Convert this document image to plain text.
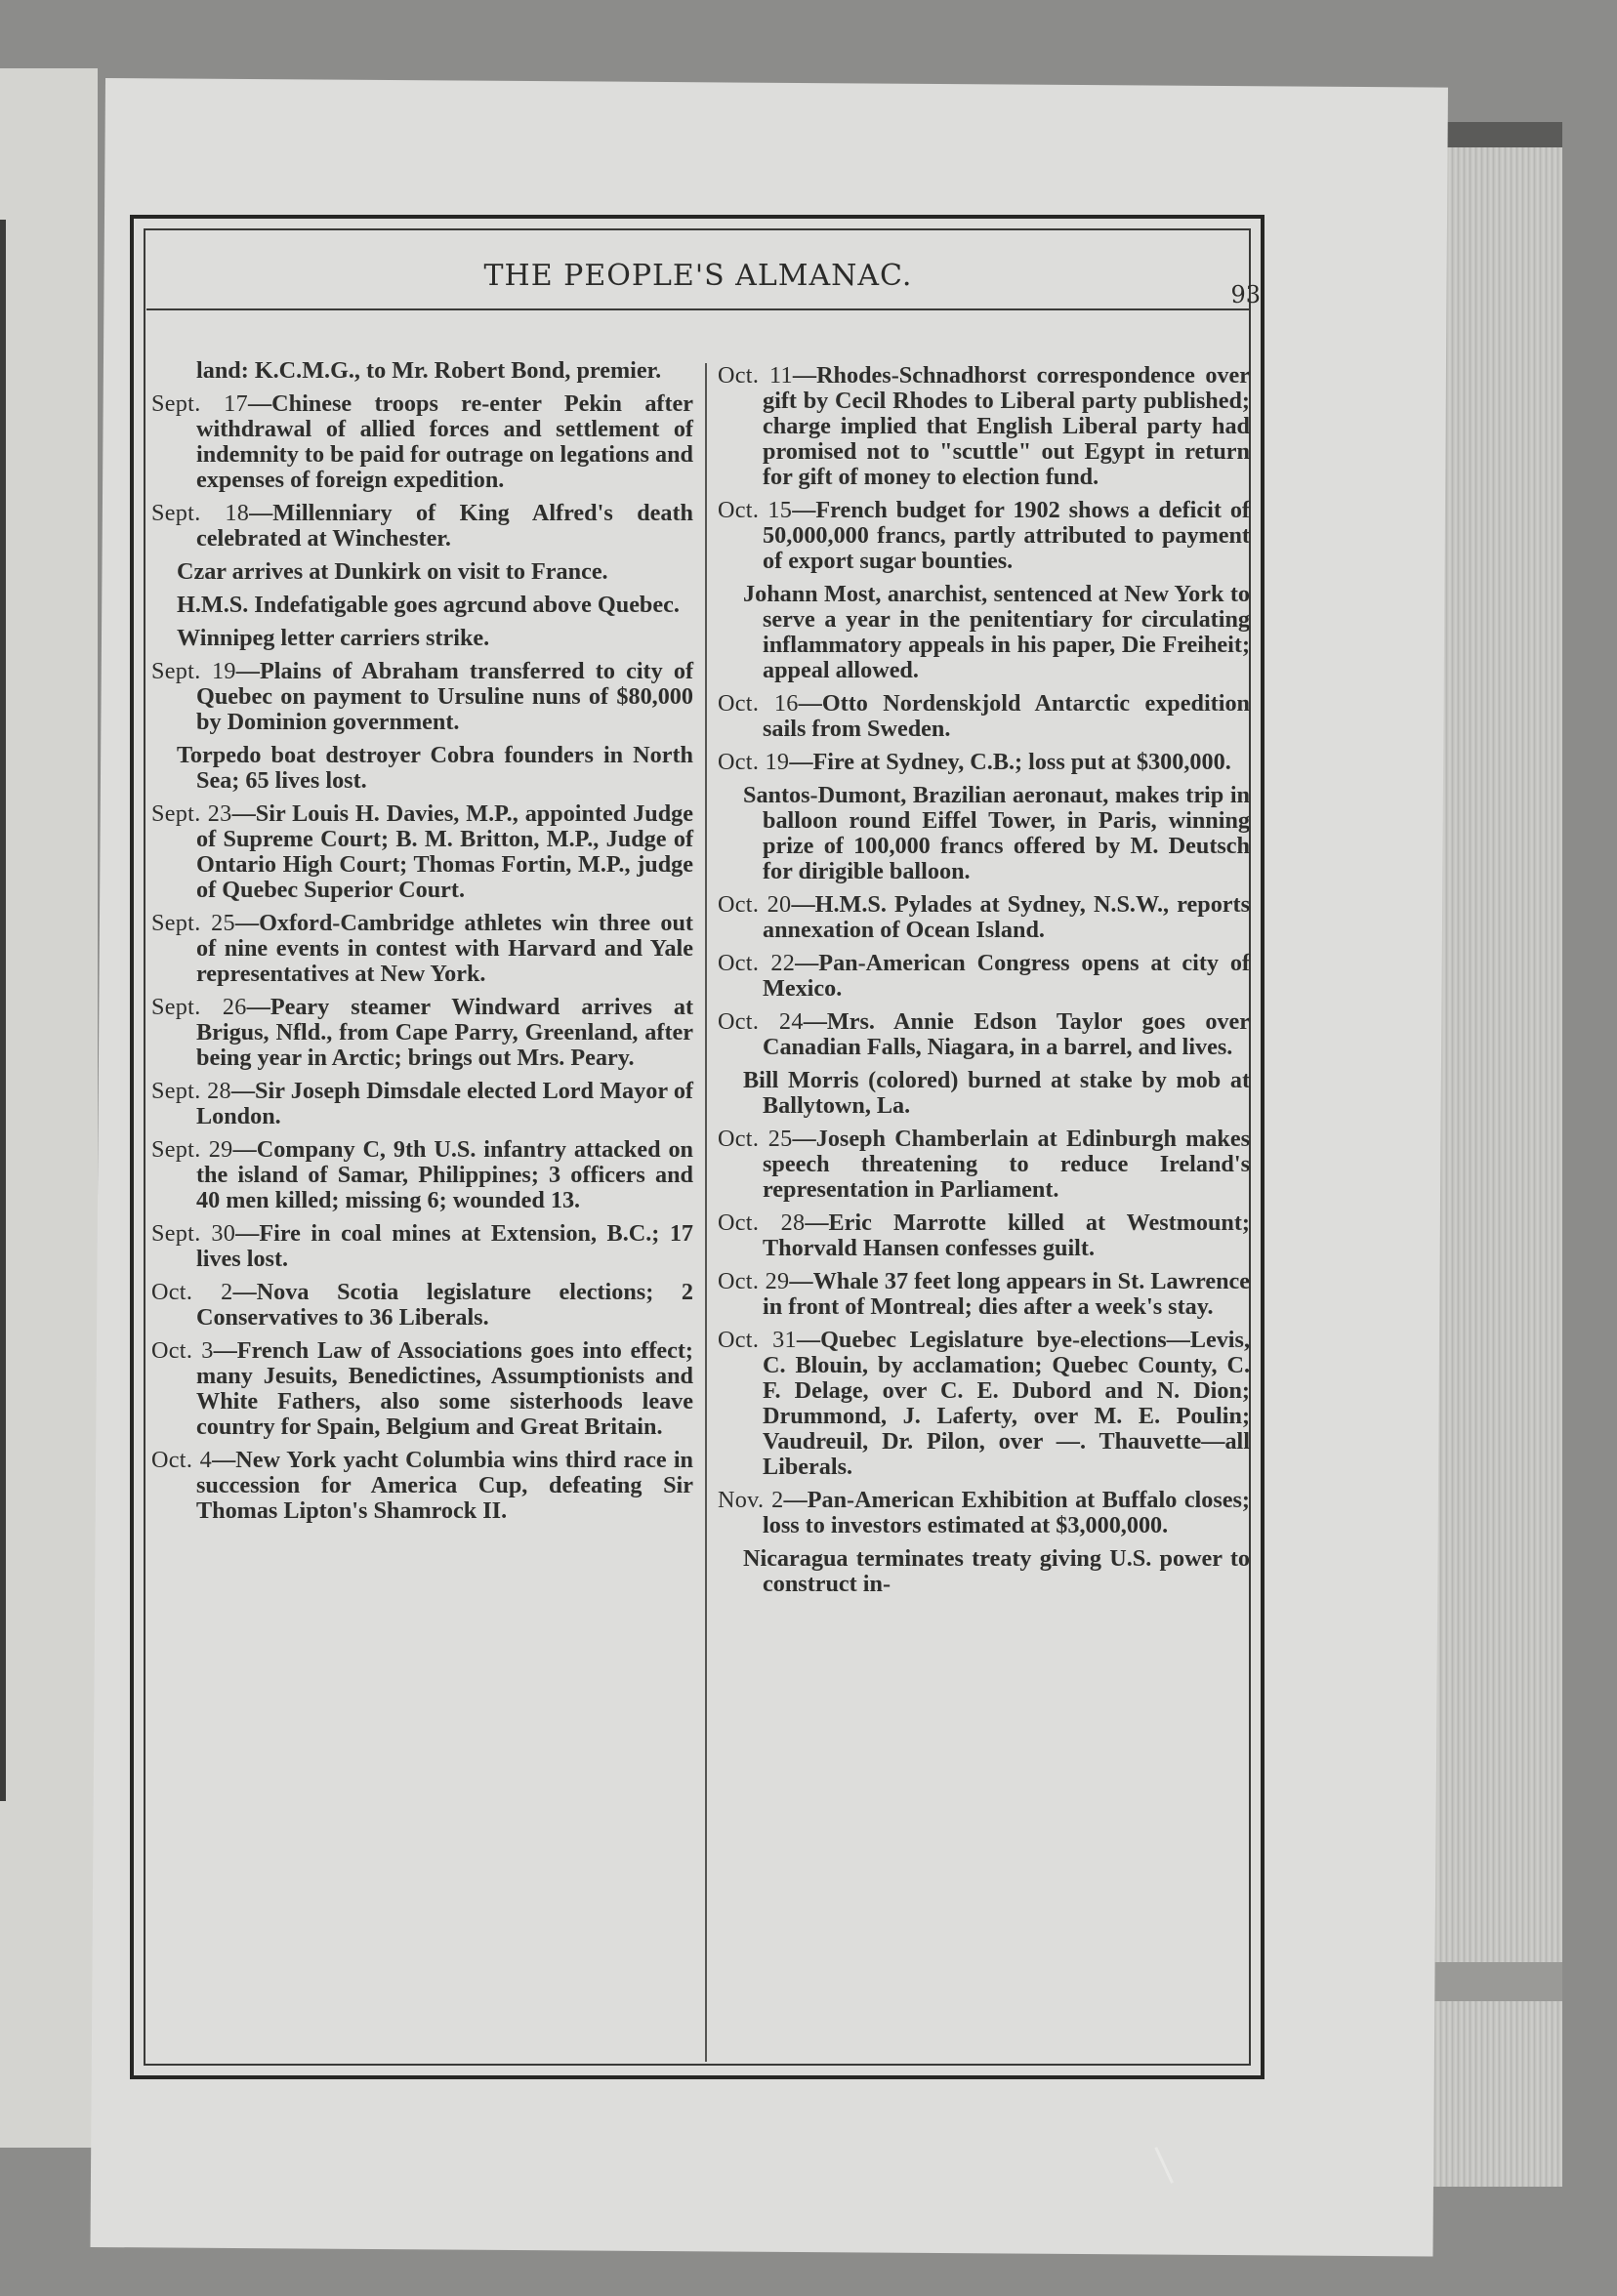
THE PEOPLE'S ALMANAC.
93
land: K.C.M.G., to Mr. Robert Bond, premier.
Sept. 17—Chinese troops re-enter Pekin after withdrawal of allied forces and settlement of indemnity to be paid for outrage on legations and expenses of foreign expedition.
Sept. 18—Millenniary of King Alfred's death celebrated at Winchester.
Czar arrives at Dunkirk on visit to France.
H.M.S. Indefatigable goes agrcund above Quebec.
Winnipeg letter carriers strike.
Sept. 19—Plains of Abraham transferred to city of Quebec on payment to Ursuline nuns of $80,000 by Dominion government.
Torpedo boat destroyer Cobra founders in North Sea; 65 lives lost.
Sept. 23—Sir Louis H. Davies, M.P., appointed Judge of Supreme Court; B. M. Britton, M.P., Judge of Ontario High Court; Thomas Fortin, M.P., judge of Quebec Superior Court.
Sept. 25—Oxford-Cambridge athletes win three out of nine events in contest with Harvard and Yale representatives at New York.
Sept. 26—Peary steamer Windward arrives at Brigus, Nfld., from Cape Parry, Greenland, after being year in Arctic; brings out Mrs. Peary.
Sept. 28—Sir Joseph Dimsdale elected Lord Mayor of London.
Sept. 29—Company C, 9th U.S. infantry attacked on the island of Samar, Philippines; 3 officers and 40 men killed; missing 6; wounded 13.
Sept. 30—Fire in coal mines at Extension, B.C.; 17 lives lost.
Oct. 2—Nova Scotia legislature elections; 2 Conservatives to 36 Liberals.
Oct. 3—French Law of Associations goes into effect; many Jesuits, Benedictines, Assumptionists and White Fathers, also some sisterhoods leave country for Spain, Belgium and Great Britain.
Oct. 4—New York yacht Columbia wins third race in succession for America Cup, defeating Sir Thomas Lipton's Shamrock II.
Oct. 11—Rhodes-Schnadhorst correspondence over gift by Cecil Rhodes to Liberal party published; charge implied that English Liberal party had promised not to "scuttle" out Egypt in return for gift of money to election fund.
Oct. 15—French budget for 1902 shows a deficit of 50,000,000 francs, partly attributed to payment of export sugar bounties.
Johann Most, anarchist, sentenced at New York to serve a year in the penitentiary for circulating inflammatory appeals in his paper, Die Freiheit; appeal allowed.
Oct. 16—Otto Nordenskjold Antarctic expedition sails from Sweden.
Oct. 19—Fire at Sydney, C.B.; loss put at $300,000.
Santos-Dumont, Brazilian aeronaut, makes trip in balloon round Eiffel Tower, in Paris, winning prize of 100,000 francs offered by M. Deutsch for dirigible balloon.
Oct. 20—H.M.S. Pylades at Sydney, N.S.W., reports annexation of Ocean Island.
Oct. 22—Pan-American Congress opens at city of Mexico.
Oct. 24—Mrs. Annie Edson Taylor goes over Canadian Falls, Niagara, in a barrel, and lives.
Bill Morris (colored) burned at stake by mob at Ballytown, La.
Oct. 25—Joseph Chamberlain at Edinburgh makes speech threatening to reduce Ireland's representation in Parliament.
Oct. 28—Eric Marrotte killed at Westmount; Thorvald Hansen confesses guilt.
Oct. 29—Whale 37 feet long appears in St. Lawrence in front of Montreal; dies after a week's stay.
Oct. 31—Quebec Legislature bye-elections—Levis, C. Blouin, by acclamation; Quebec County, C. F. Delage, over C. E. Dubord and N. Dion; Drummond, J. Laferty, over M. E. Poulin; Vaudreuil, Dr. Pilon, over —. Thauvette—all Liberals.
Nov. 2—Pan-American Exhibition at Buffalo closes; loss to investors estimated at $3,000,000.
Nicaragua terminates treaty giving U.S. power to construct in-
